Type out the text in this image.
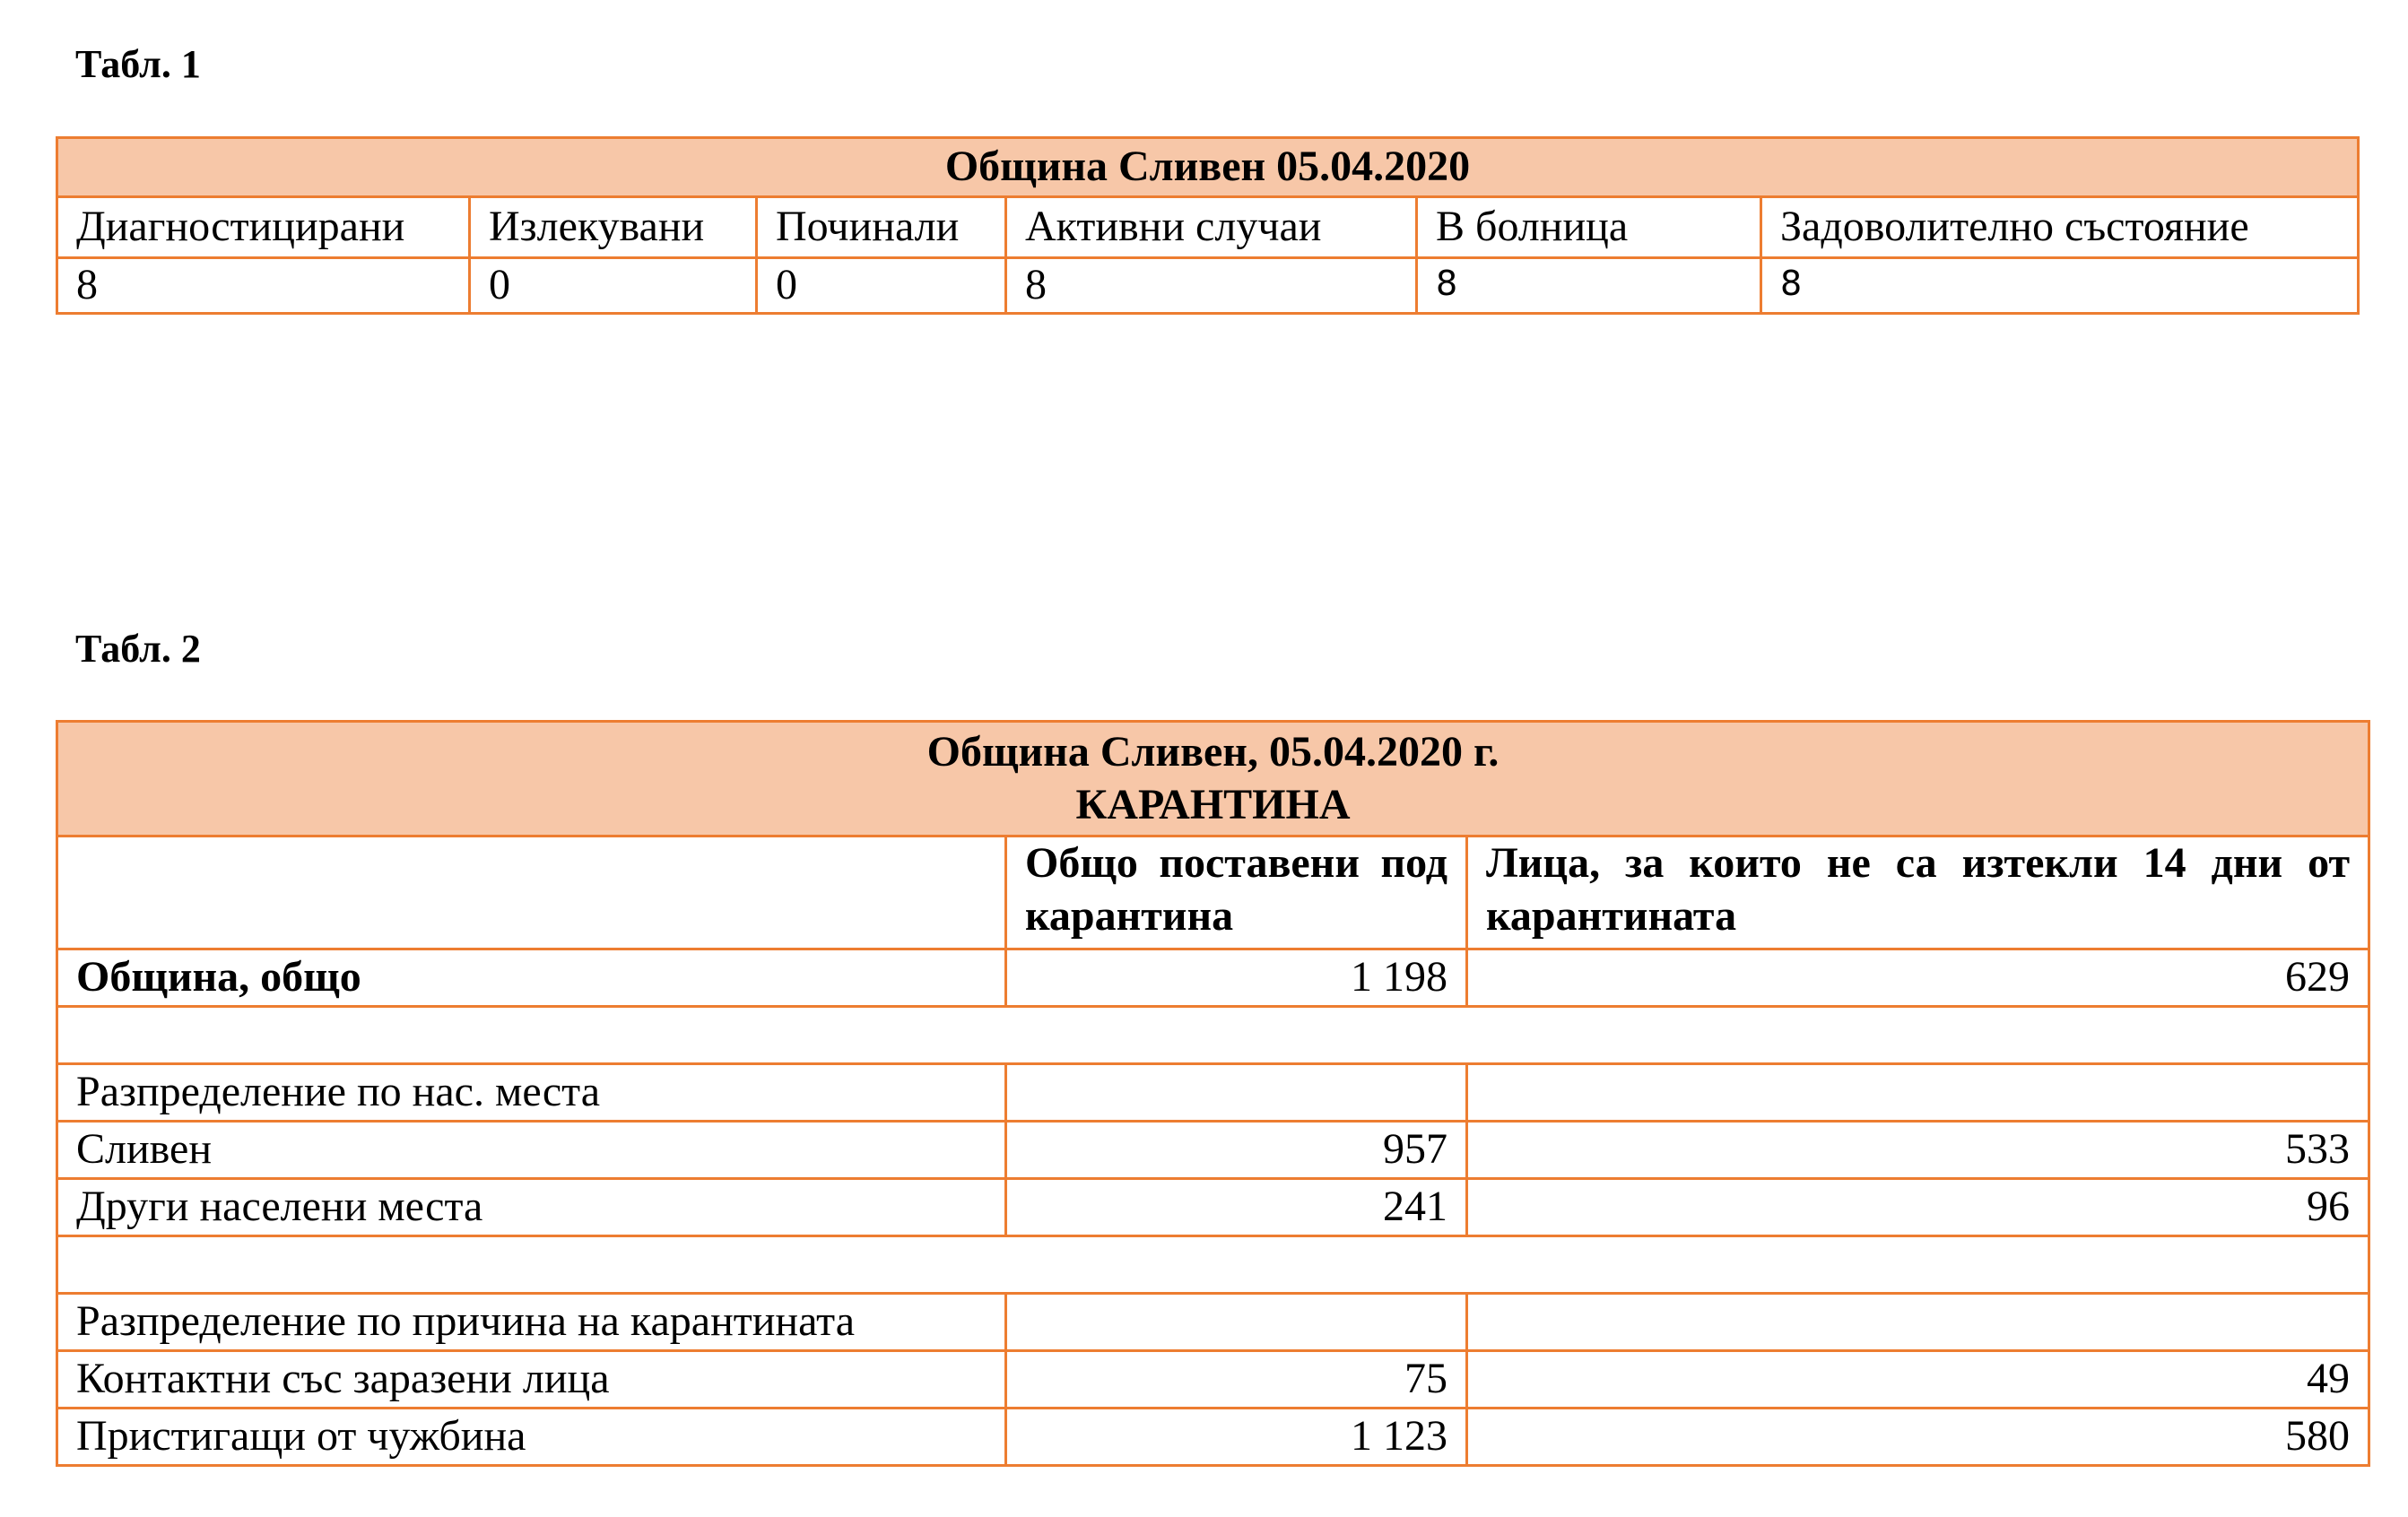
Табл. 1
Община Сливен 05.04.2020					
Диагностицирани	Излекувани	Починали	Активни случаи	В болница	Задоволително състояние
8	0	0	8	8	8
Табл. 2
Община Сливен, 05.04.2020 г.
КАРАНТИНА		

	Общо поставени под карантина	Лица, за които не са изтекли 14 дни от карантината
Община, общо	1 198	629

Разпределение по нас. места		
Сливен	957	533
Други населени места	241	96

Разпределение по причина на карантината		
Контактни със заразени лица	75	49
Пристигащи от чужбина	1 123	580
